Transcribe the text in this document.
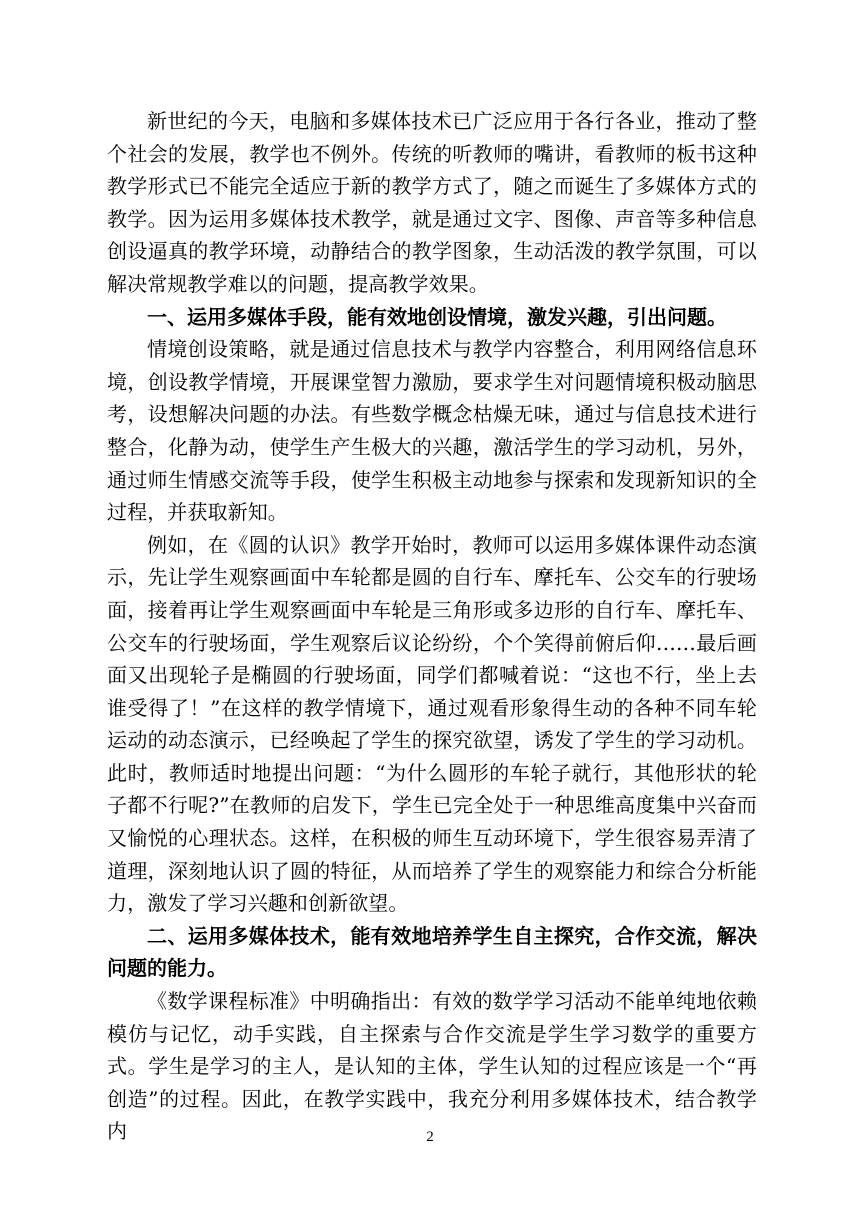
新世纪的今天，电脑和多媒体技术已广泛应用于各行各业，推动了整个社会的发展，教学也不例外。传统的听教师的嘴讲，看教师的板书这种教学形式已不能完全适应于新的教学方式了，随之而诞生了多媒体方式的教学。因为运用多媒体技术教学，就是通过文字、图像、声音等多种信息创设逼真的教学环境，动静结合的教学图象，生动活泼的教学氛围，可以解决常规教学难以的问题，提高教学效果。

一、运用多媒体手段，能有效地创设情境，激发兴趣，引出问题。

情境创设策略，就是通过信息技术与教学内容整合，利用网络信息环境，创设教学情境，开展课堂智力激励，要求学生对问题情境积极动脑思考，设想解决问题的办法。有些数学概念枯燥无味，通过与信息技术进行整合，化静为动，使学生产生极大的兴趣，激活学生的学习动机，另外，通过师生情感交流等手段，使学生积极主动地参与探索和发现新知识的全过程，并获取新知。

例如，在《圆的认识》教学开始时，教师可以运用多媒体课件动态演示，先让学生观察画面中车轮都是圆的自行车、摩托车、公交车的行驶场面，接着再让学生观察画面中车轮是三角形或多边形的自行车、摩托车、公交车的行驶场面，学生观察后议论纷纷，个个笑得前俯后仰……最后画面又出现轮子是椭圆的行驶场面，同学们都喊着说：“这也不行，坐上去谁受得了！”在这样的教学情境下，通过观看形象得生动的各种不同车轮运动的动态演示，已经唤起了学生的探究欲望，诱发了学生的学习动机。此时，教师适时地提出问题：“为什么圆形的车轮子就行，其他形状的轮子都不行呢?”在教师的启发下，学生已完全处于一种思维高度集中兴奋而又愉悦的心理状态。这样，在积极的师生互动环境下，学生很容易弄清了道理，深刻地认识了圆的特征，从而培养了学生的观察能力和综合分析能力，激发了学习兴趣和创新欲望。

二、运用多媒体技术，能有效地培养学生自主探究，合作交流，解决问题的能力。

《数学课程标准》中明确指出：有效的数学学习活动不能单纯地依赖模仿与记忆，动手实践，自主探索与合作交流是学生学习数学的重要方式。学生是学习的主人，是认知的主体，学生认知的过程应该是一个“再创造”的过程。因此，在教学实践中，我充分利用多媒体技术，结合教学内	2
